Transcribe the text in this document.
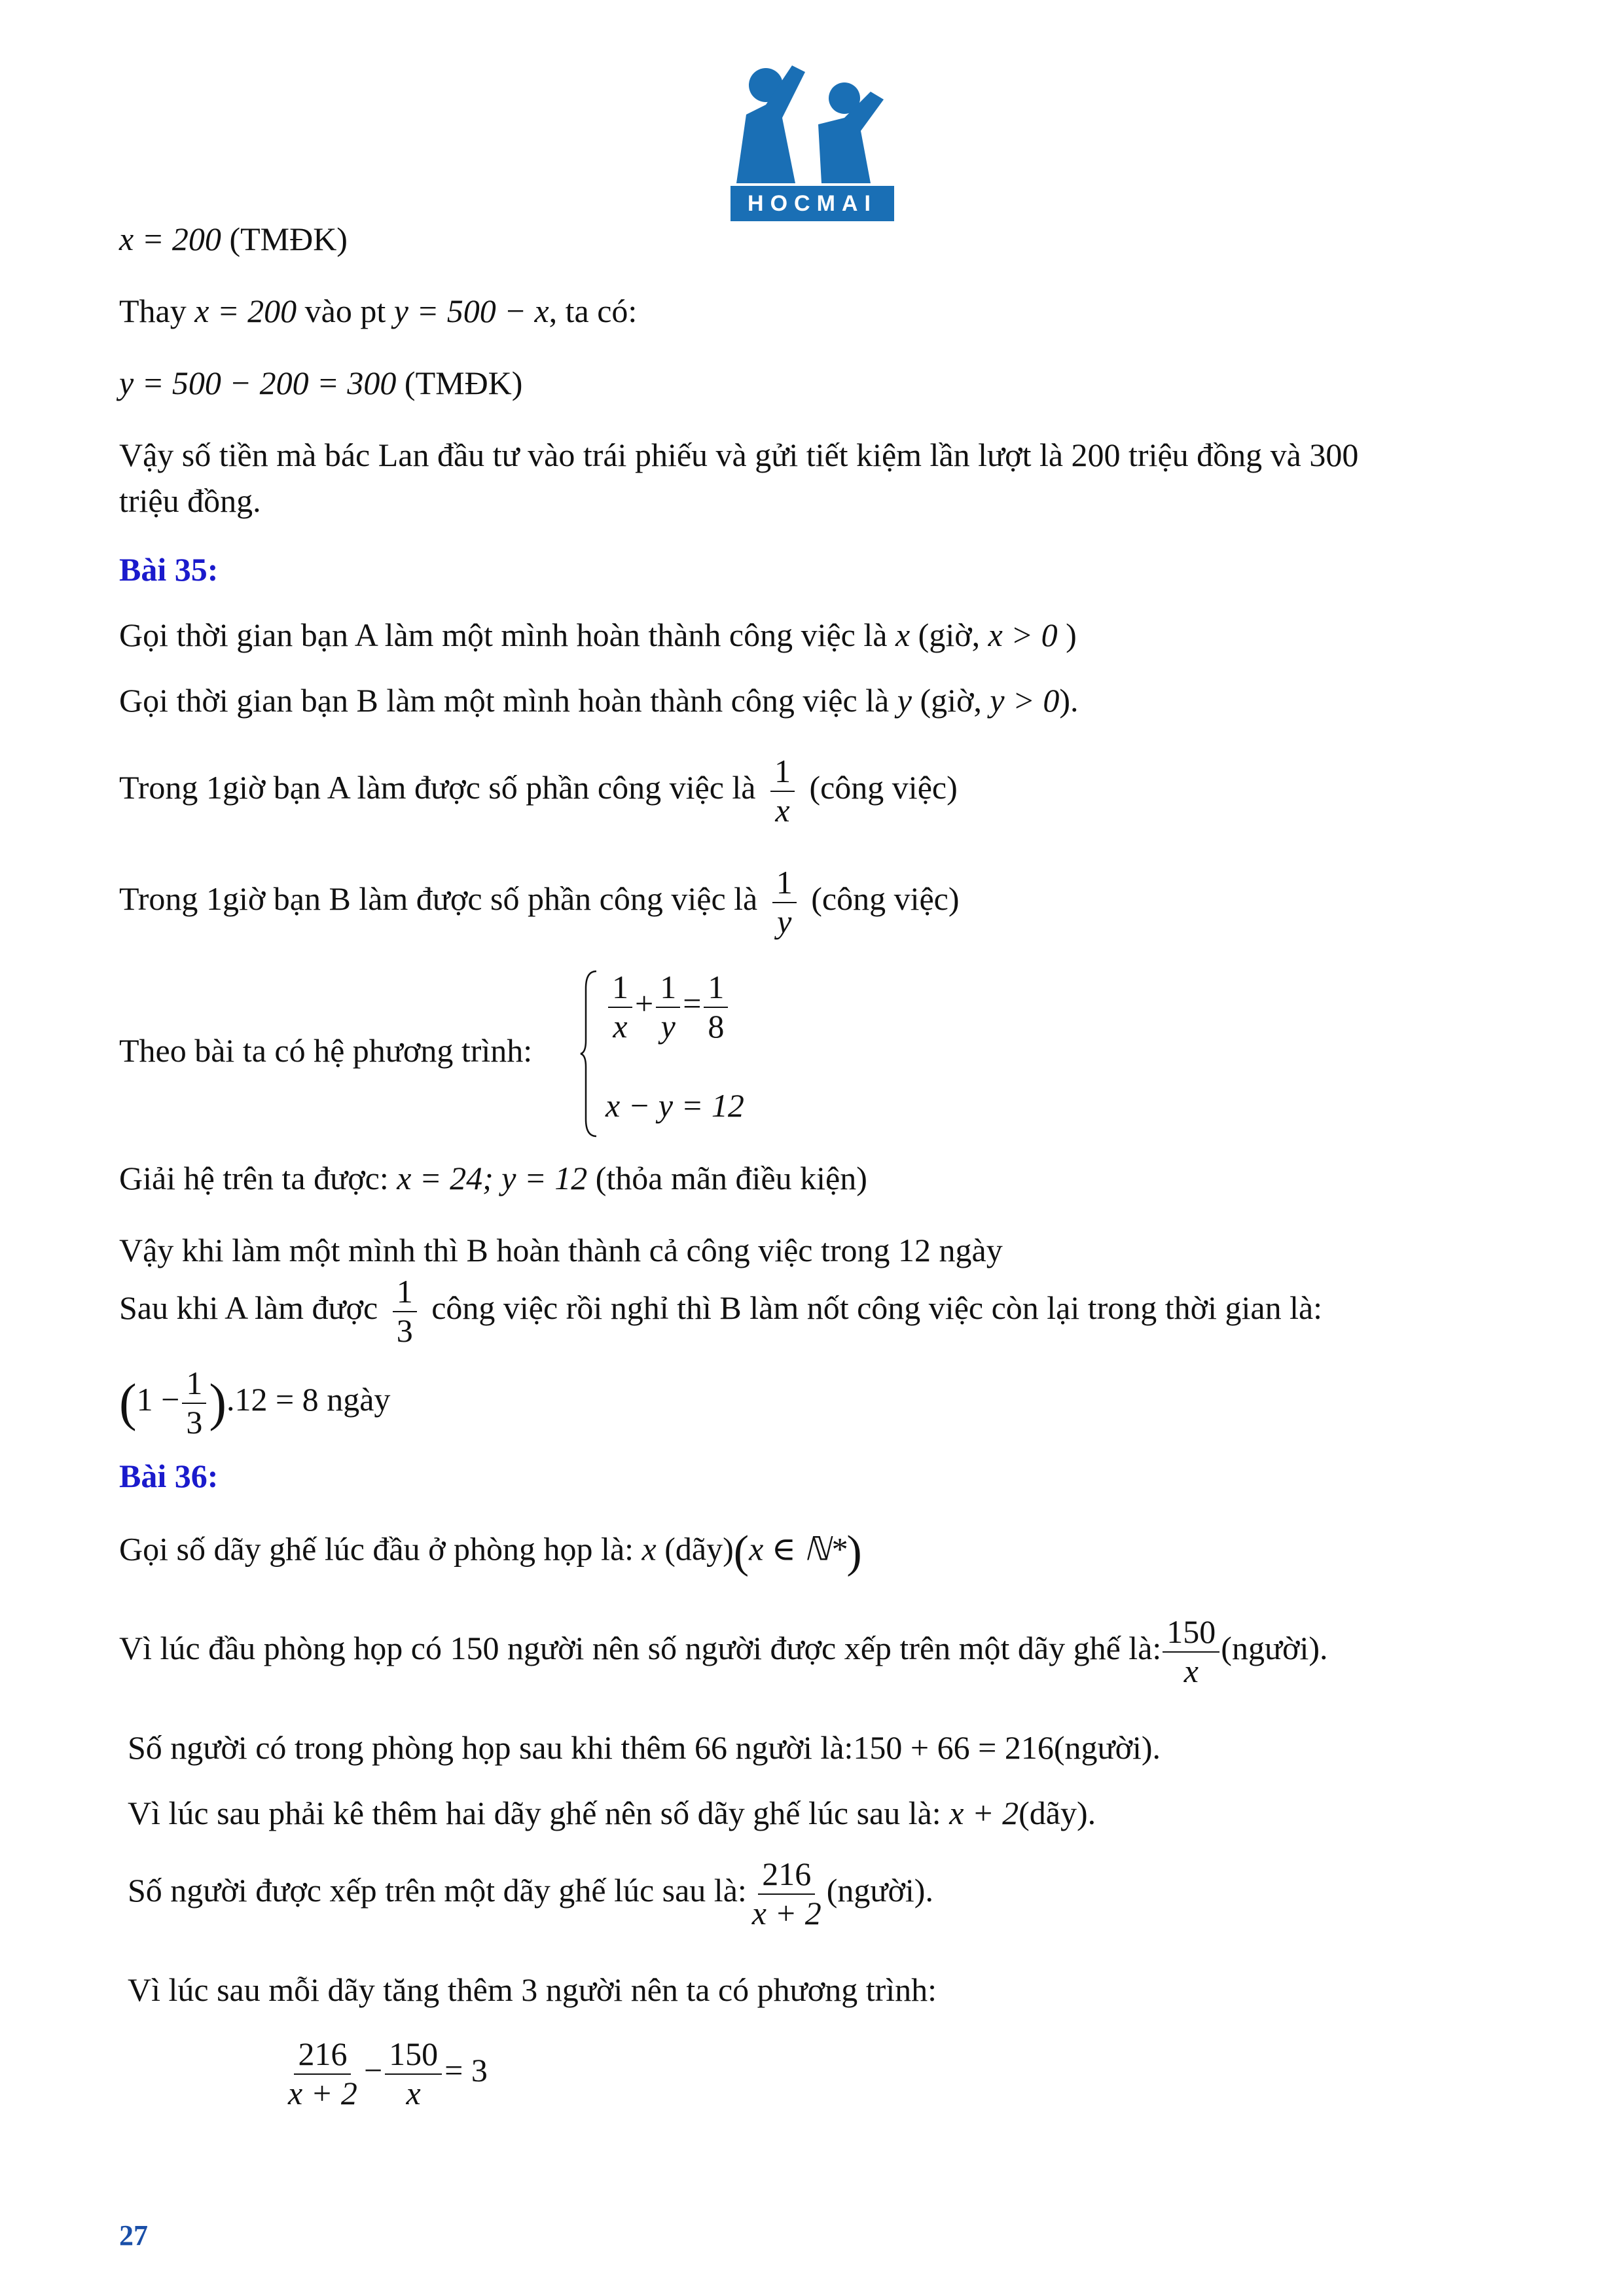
HOCMAI
x = 200 (TMĐK)
Thay x = 200 vào pt y = 500 − x, ta có:
y = 500 − 200 = 300 (TMĐK)
Vậy số tiền mà bác Lan đầu tư vào trái phiếu và gửi tiết kiệm lần lượt là 200 triệu đồng và 300
triệu đồng.
Bài 35:
Gọi thời gian bạn A làm một mình hoàn thành công việc là x (giờ, x > 0 )
Gọi thời gian bạn B làm một mình hoàn thành công việc là y (giờ, y > 0).
Trong 1giờ bạn A làm được số phần công việc là $\frac{1}{x}$ (công việc)
Trong 1giờ bạn B làm được số phần công việc là $\frac{1}{y}$ (công việc)
Theo bài ta có hệ phương trình:
$\frac{1}{x} + \frac{1}{y} = \frac{1}{8}$
x − y = 12
Giải hệ trên ta được: x = 24; y = 12 (thỏa mãn điều kiện)
Vậy khi làm một mình thì B hoàn thành cả công việc trong 12 ngày
Sau khi A làm được $\frac{1}{3}$ công việc rồi nghỉ thì B làm nốt công việc còn lại trong thời gian là:
$(1 - \frac{1}{3} ).12 = 8$ ngày
Bài 36:
Gọi số dãy ghế lúc đầu ở phòng họp là: x (dãy)(x ∈ ℕ*)
Vì lúc đầu phòng họp có 150 người nên số người được xếp trên một dãy ghế là: $\frac{150}{x}$ (người).
Số người có trong phòng họp sau khi thêm 66 người là:150 + 66 = 216(người).
Vì lúc sau phải kê thêm hai dãy ghế nên số dãy ghế lúc sau là: x + 2(dãy).
Số người được xếp trên một dãy ghế lúc sau là: $\frac{216}{x + 2}$ (người).
Vì lúc sau mỗi dãy tăng thêm 3 người nên ta có phương trình:
$\frac{216}{x + 2} - \frac{150}{x} = 3$
27
